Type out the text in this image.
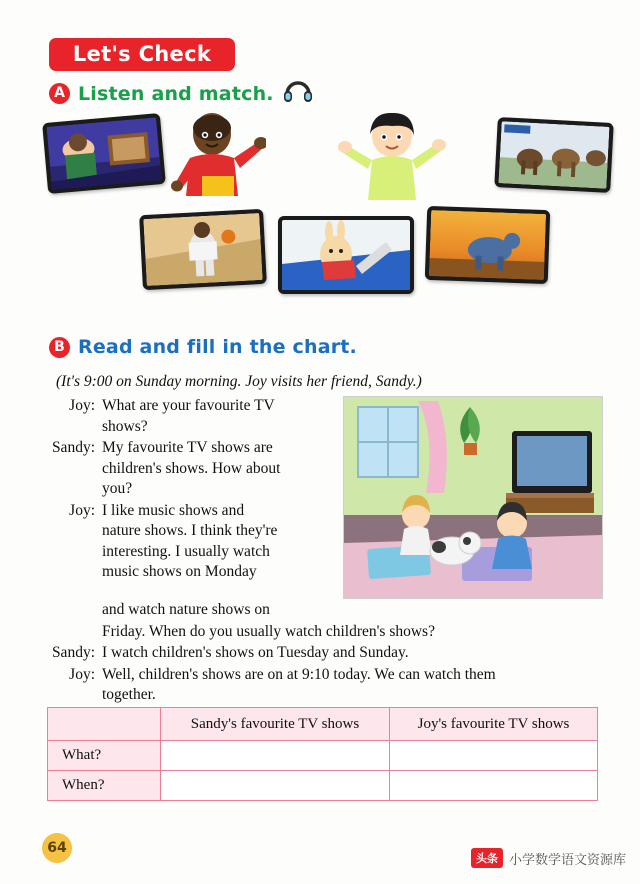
Let's Check
A Listen and match.
B Read and fill in the chart.
(It's 9:00 on Sunday morning. Joy visits her friend, Sandy.)
Joy: What are your favourite TV
shows?
Sandy: My favourite TV shows are
children's shows. How about
you?
Joy: I like music shows and
nature shows. I think they're
interesting. I usually watch
music shows on Monday
and watch nature shows on
Friday. When do you usually watch children's shows?
Sandy: I watch children's shows on Tuesday and Sunday.
Joy: Well, children's shows are on at 9:10 today. We can watch them
together.
	Sandy's favourite TV shows	Joy's favourite TV shows
What?		
When?		
64
头条 小学数学语文资源库
